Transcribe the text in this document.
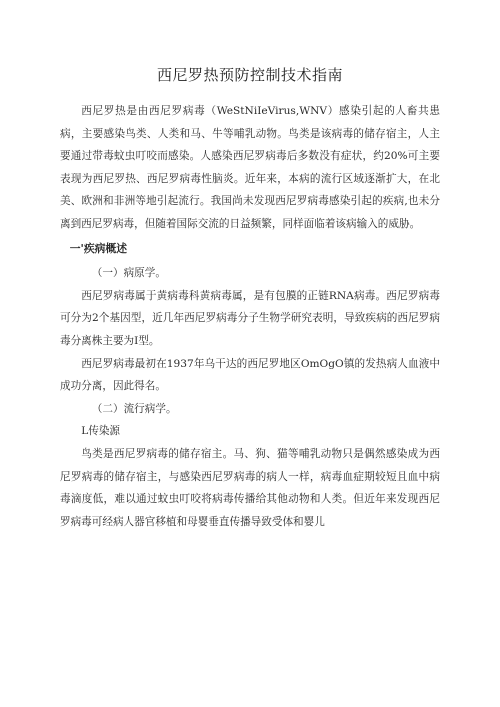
西尼罗热预防控制技术指南

西尼罗热是由西尼罗病毒（WeStNiIeVirus,WNV）感染引起的人畜共患病，主要感染鸟类、人类和马、牛等哺乳动物。鸟类是该病毒的储存宿主，人主要通过带毒蚊虫叮咬而感染。人感染西尼罗病毒后多数没有症状，约20%可主要表现为西尼罗热、西尼罗病毒性脑炎。近年来，本病的流行区域逐渐扩大，在北美、欧洲和非洲等地引起流行。我国尚未发现西尼罗病毒感染引起的疾病,也未分离到西尼罗病毒，但随着国际交流的日益频繁，同样面临着该病输入的威胁。

一'疾病概述

（一）病原学。

西尼罗病毒属于黄病毒科黄病毒属，是有包膜的正链RNA病毒。西尼罗病毒可分为2个基因型，近几年西尼罗病毒分子生物学研究表明，导致疾病的西尼罗病毒分离株主要为I型。

西尼罗病毒最初在1937年乌干达的西尼罗地区OmOgO镇的发热病人血液中成功分离，因此得名。

（二）流行病学。

L传染源

鸟类是西尼罗病毒的储存宿主。马、狗、猫等哺乳动物只是偶然感染成为西尼罗病毒的储存宿主，与感染西尼罗病毒的病人一样，病毒血症期较短且血中病毒滴度低，难以通过蚊虫叮咬将病毒传播给其他动物和人类。但近年来发现西尼罗病毒可经病人器官移植和母婴垂直传播导致受体和婴儿
